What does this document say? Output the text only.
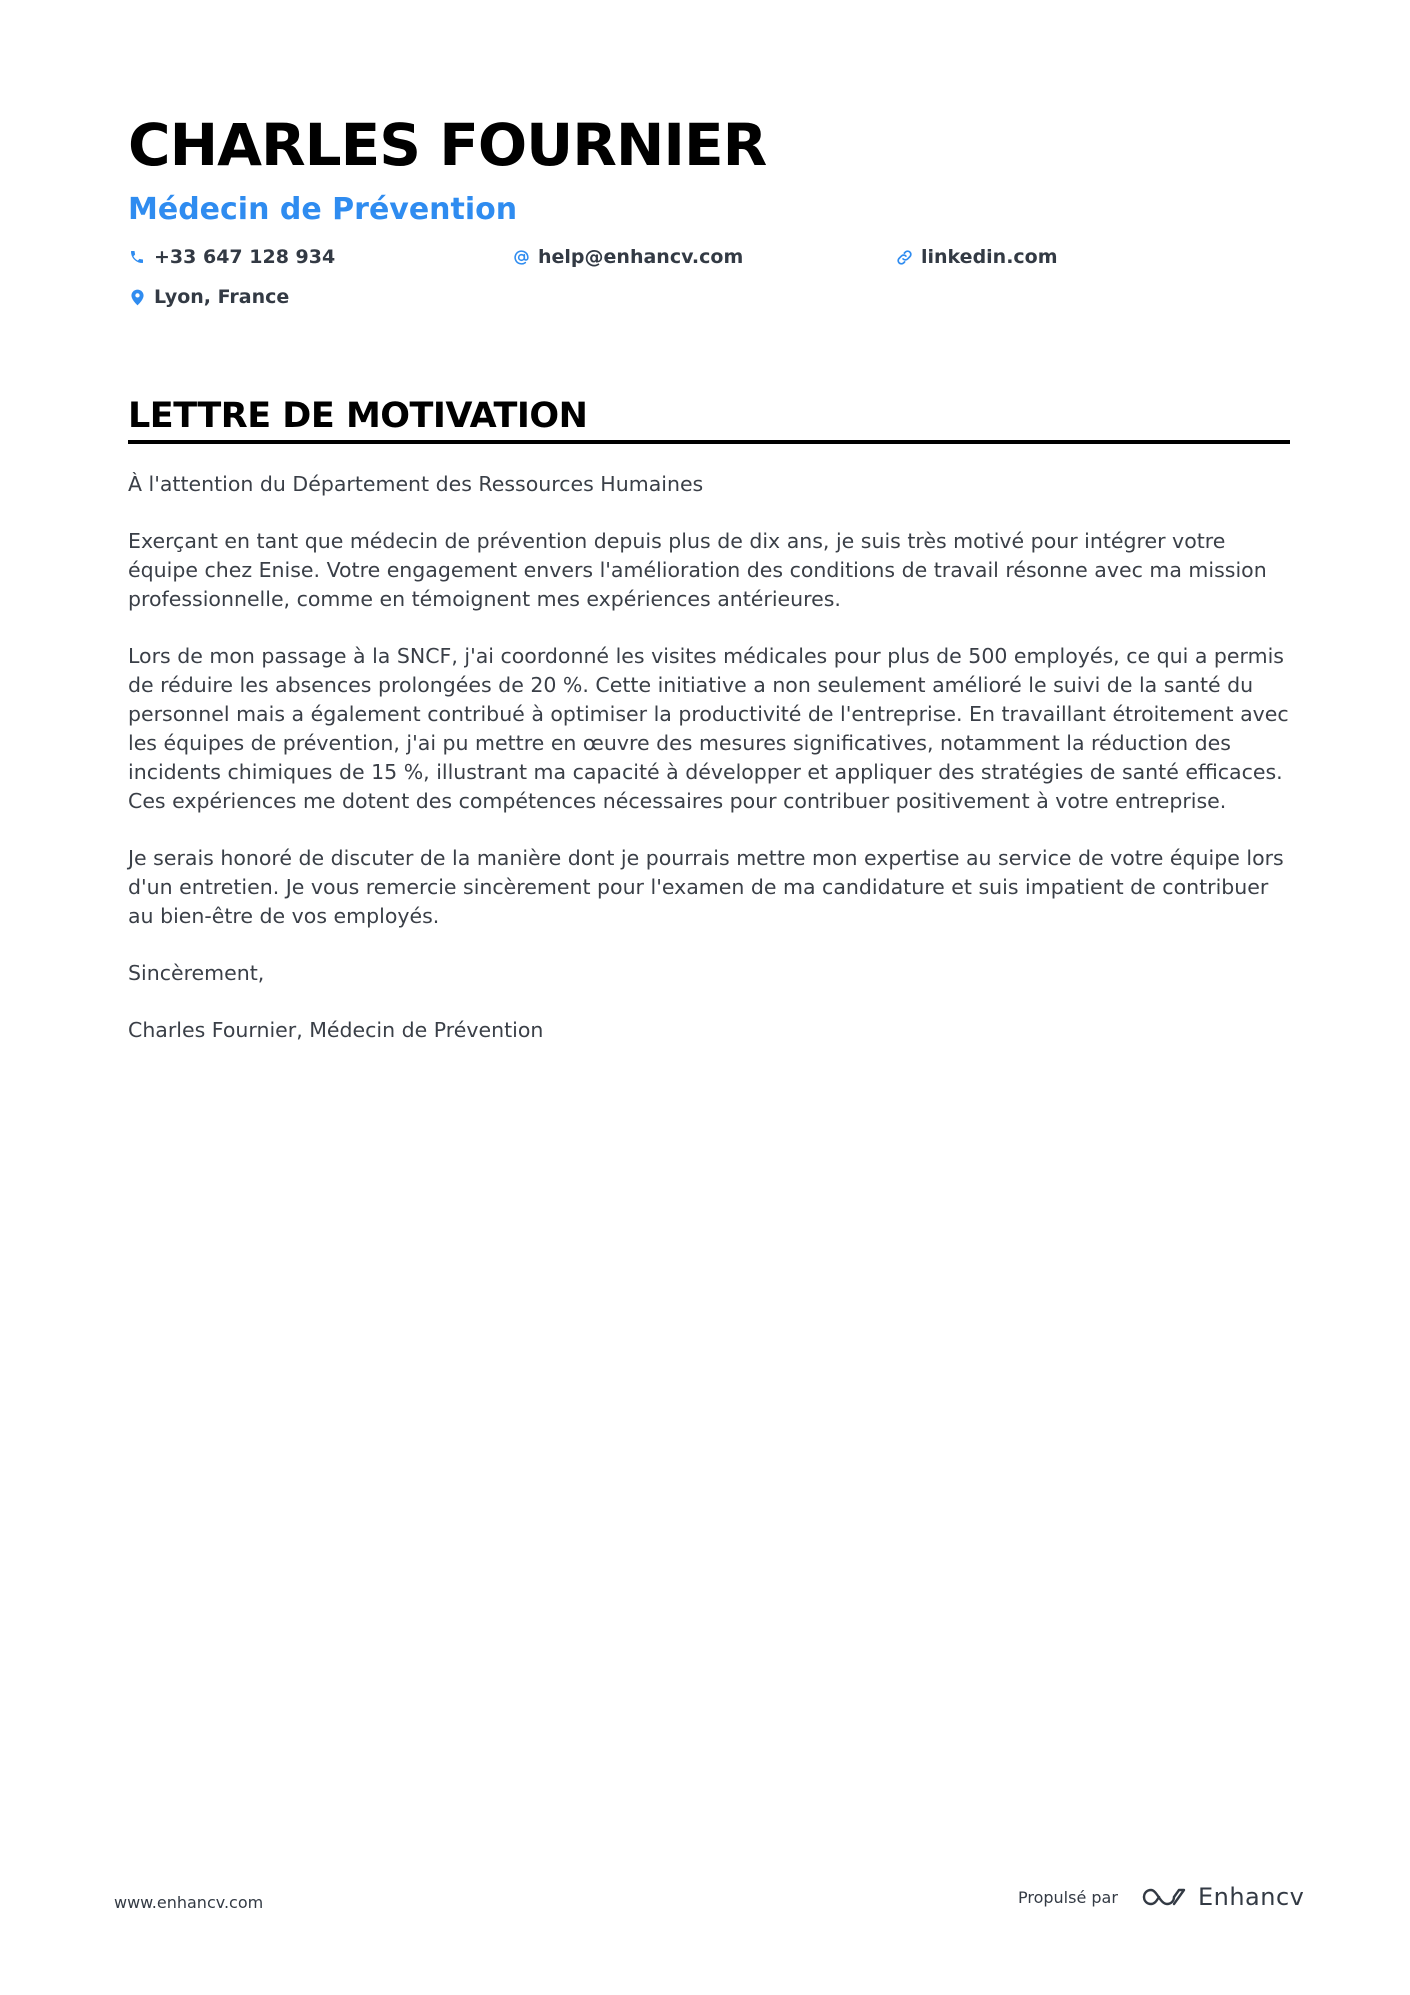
CHARLES FOURNIER
Médecin de Prévention
+33 647 128 934	help@enhancv.com	linkedin.com
Lyon, France
LETTRE DE MOTIVATION

À l'attention du Département des Ressources Humaines

Exerçant en tant que médecin de prévention depuis plus de dix ans, je suis très motivé pour intégrer votre équipe chez Enise. Votre engagement envers l'amélioration des conditions de travail résonne avec ma mission professionnelle, comme en témoignent mes expériences antérieures.

Lors de mon passage à la SNCF, j'ai coordonné les visites médicales pour plus de 500 employés, ce qui a permis de réduire les absences prolongées de 20 %. Cette initiative a non seulement amélioré le suivi de la santé du personnel mais a également contribué à optimiser la productivité de l'entreprise. En travaillant étroitement avec les équipes de prévention, j'ai pu mettre en œuvre des mesures significatives, notamment la réduction des incidents chimiques de 15 %, illustrant ma capacité à développer et appliquer des stratégies de santé efficaces. Ces expériences me dotent des compétences nécessaires pour contribuer positivement à votre entreprise.

Je serais honoré de discuter de la manière dont je pourrais mettre mon expertise au service de votre équipe lors d'un entretien. Je vous remercie sincèrement pour l'examen de ma candidature et suis impatient de contribuer au bien-être de vos employés.

Sincèrement,

Charles Fournier, Médecin de Prévention

www.enhancv.com	Propulsé par	Enhancv
